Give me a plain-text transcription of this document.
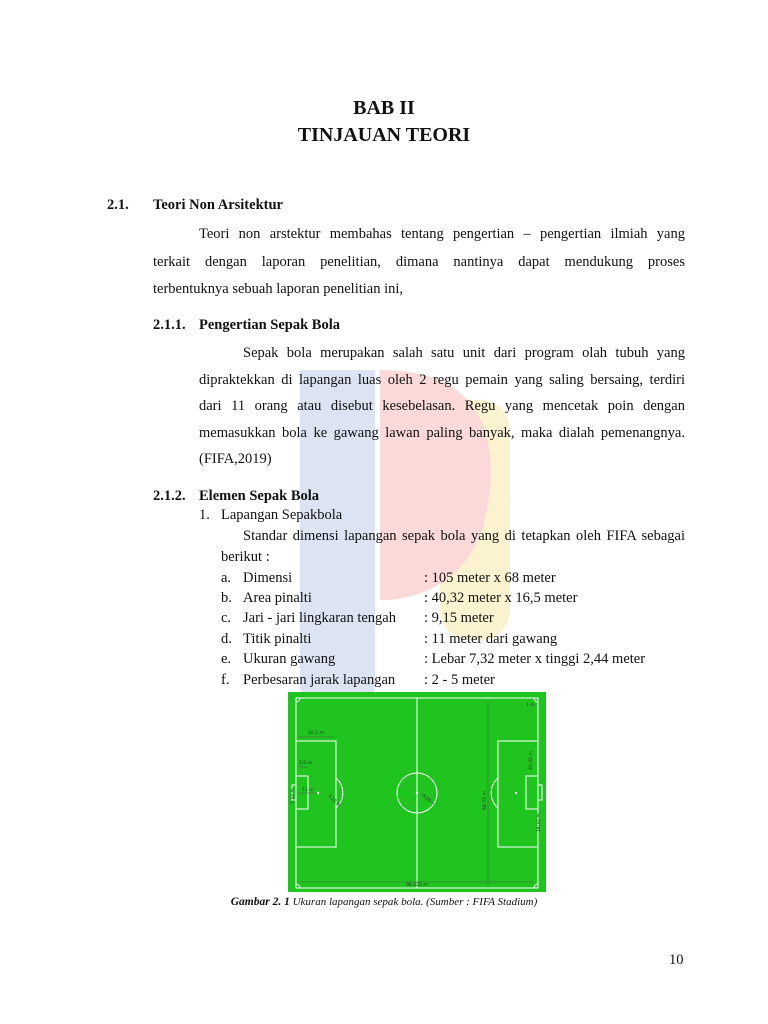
BAB II
TINJAUAN TEORI
2.1. Teori Non Arsitektur
Teori non arstektur membahas tentang pengertian – pengertian ilmiah yang
terkait dengan laporan penelitian, dimana nantinya dapat mendukung proses
terbentuknya sebuah laporan penelitian ini,
2.1.1. Pengertian Sepak Bola
Sepak bola merupakan salah satu unit dari program olah tubuh yang
dipraktekkan di lapangan luas oleh 2 regu pemain yang saling bersaing, terdiri
dari 11 orang atau disebut kesebelasan. Regu yang mencetak poin dengan
memasukkan bola ke gawang lawan paling banyak, maka dialah pemenangnya.
(FIFA,2019)
2.1.2. Elemen Sepak Bola
1. Lapangan Sepakbola
Standar dimensi lapangan sepak bola yang di tetapkan oleh FIFA sebagai
berikut :
a. Dimensi	: 105 meter x 68 meter
b. Area pinalti	: 40,32 meter x 16,5 meter
c. Jari - jari lingkaran tengah : 9,15 meter
d. Titik pinalti	: 11 meter dari gawang
e. Ukuran gawang	: Lebar 7,32 meter x tinggi 2,44 meter
f. Perbesaran jarak lapangan : 2 - 5 meter
16,5 m
5,5 m
11 m
9,15 m
7,32 m	9,15	68-75 m
40,32 m
18,32 m
1 m
90-120 m
Gambar 2. 1 Ukuran lapangan sepak bola. (Sumber : FIFA Stadium)
10
